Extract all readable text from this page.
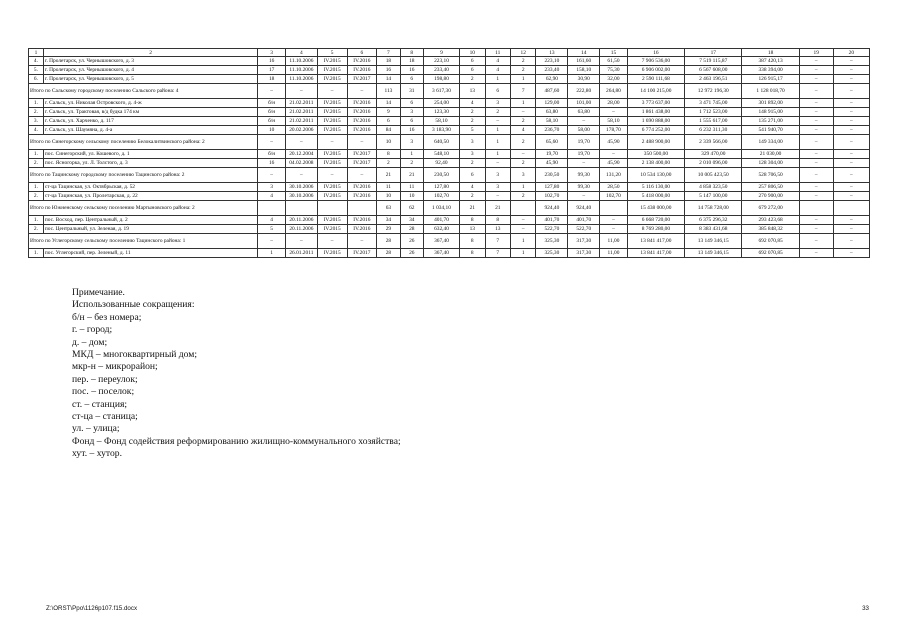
1	2	3	4	5	6	7	8	9	10	11	12	13	14	15	16	17	18	19	20
4.	г. Пролетарск, ул. Чернышовского, д. 3	16	11.10.2006	IV.2015	IV.2016	18	18	223,10	6	4	2	223,10	161,60	61,50	7 906 536,00	7 519 115,87	387 420,13	–	–
5.	г. Пролетарск, ул. Чернышовского, д. 4	17	11.10.2006	IV.2015	IV.2016	16	16	233,40	6	4	2	233,40	158,10	75,30	6 906 002,00	6 567 608,00	338 394,00	–	–
6.	г. Пролетарск, ул. Чернышовского, д. 5	18	11.10.2006	IV.2015	IV.2017	14	6	198,80	2	1	1	62,90	30,90	32,00	2 590 111,68	2 463 196,51	126 915,17	–	–
Итого по Сальскому городскому поселению Сальского района: 4		–	–	–	–	113	31	3 617,30	13	6	7	487,60	222,80	264,80	14 100 215,00	12 972 196,30	1 128 018,70	–	–
1.	г. Сальск, ул. Николая Островского, д. 4-ж	б/н	21.02.2011	IV.2015	IV.2016	14	6	254,00	4	3	1	129,00	101,00	28,00	3 773 637,00	3 471 745,00	301 892,00	–	–
2.	г. Сальск, ул. Трактовая, в/д будка 174 км	б/н	21.02.2011	IV.2015	IV.2016	9	3	123,30	2	2	–	63,80	63,80	–	1 861 438,00	1 712 523,00	148 915,00	–	–
3.	г. Сальск, ул. Харченко, д. 117	б/н	21.02.2011	IV.2015	IV.2016	6	6	58,10	2	–	2	58,10	–	58,10	1 690 888,00	1 555 617,00	135 271,00	–	–
4.	г. Сальск, ул. Шаумяна, д. 4-а	10	20.02.2006	IV.2015	IV.2016	84	16	3 183,90	5	1	4	236,70	58,00	178,70	6 774 252,00	6 232 311,30	541 940,70	–	–
Итого по Синегорскому сельскому поселению Белокалитвинского района: 2		–	–	–	–	10	3	640,50	3	1	2	65,60	19,70	45,90	2 488 900,00	2 339 566,00	149 334,00	–	–
1.	пос. Синегорский, ул. Кошевого, д. 1	б/н	20.12.2004	IV.2015	IV.2017	8	1	548,10	3	1	–	19,70	19,70	–	350 500,00	329 470,00	21 030,00	–	–
2.	пос. Ясногорка, ул. Л. Толстого, д. 3	16	04.02.2008	IV.2015	IV.2017	2	2	92,40	2	–	2	45,90	–	45,90	2 138 400,00	2 010 096,00	128 304,00	–	–
Итого по Тацинскому городскому поселению Тацинского района: 2		–	–	–	–	21	21	230,50	6	3	3	230,50	99,30	131,20	10 534 130,00	10 005 423,50	528 706,50	–	–
1.	ст-ца Тацинская, ул. Октябрьская, д. 52	3	30.10.2006	IV.2015	IV.2016	11	11	127,80	4	3	1	127,80	99,30	28,50	5 116 130,00	4 858 323,50	257 806,50	–	–
2.	ст-ца Тацинская, ул. Пролетарская, д. 22	4	30.10.2006	IV.2015	IV.2016	10	10	102,70	2	–	2	102,70	–	102,70	5 418 000,00	5 147 100,00	270 900,00	–	–
Итого по Южненскому сельскому поселению Мартыновского района: 2						63	62	1 034,10	21	21		924,40	924,40		15 438 000,00	14 758 728,00	679 272,00		
1.	пос. Восход, пер. Центральный, д. 2	4	20.11.2006	IV.2015	IV.2016	34	34	401,70	8	8	–	401,70	401,70	–	6 668 720,00	6 375 296,32	293 423,68	–	–
2.	пос. Центральный, ул. Зеленая, д. 19	5	20.11.2006	IV.2015	IV.2016	29	28	632,40	13	13	–	522,70	522,70	–	8 769 280,00	8 383 431,68	385 848,32	–	–
Итого по Углегорскому сельскому поселению Тацинского района: 1		–	–	–	–	28	26	367,40	8	7	1	325,30	317,30	11,00	13 841 417,00	13 149 346,15	692 070,85	–	–
1.	пос. Углегорский, пер. Зеленый, д. 11	1	26.01.2011	IV.2015	IV.2017	28	26	367,40	8	7	1	325,30	317,30	11,00	13 841 417,00	13 149 346,15	692 070,85	–	–
Примечание.
Использованные сокращения:
б/н – без номера;
г. – город;
д. – дом;
МКД – многоквартирный дом;
мкр-н – микрорайон;
пер. – переулок;
пос. – поселок;
ст. – станция;
ст-ца – станица;
ул. – улица;
Фонд – Фонд содействия реформированию жилищно-коммунального хозяйства;
хут. – хутор.
Z:\ORST\Ppo\1126p107.f15.docx	33
